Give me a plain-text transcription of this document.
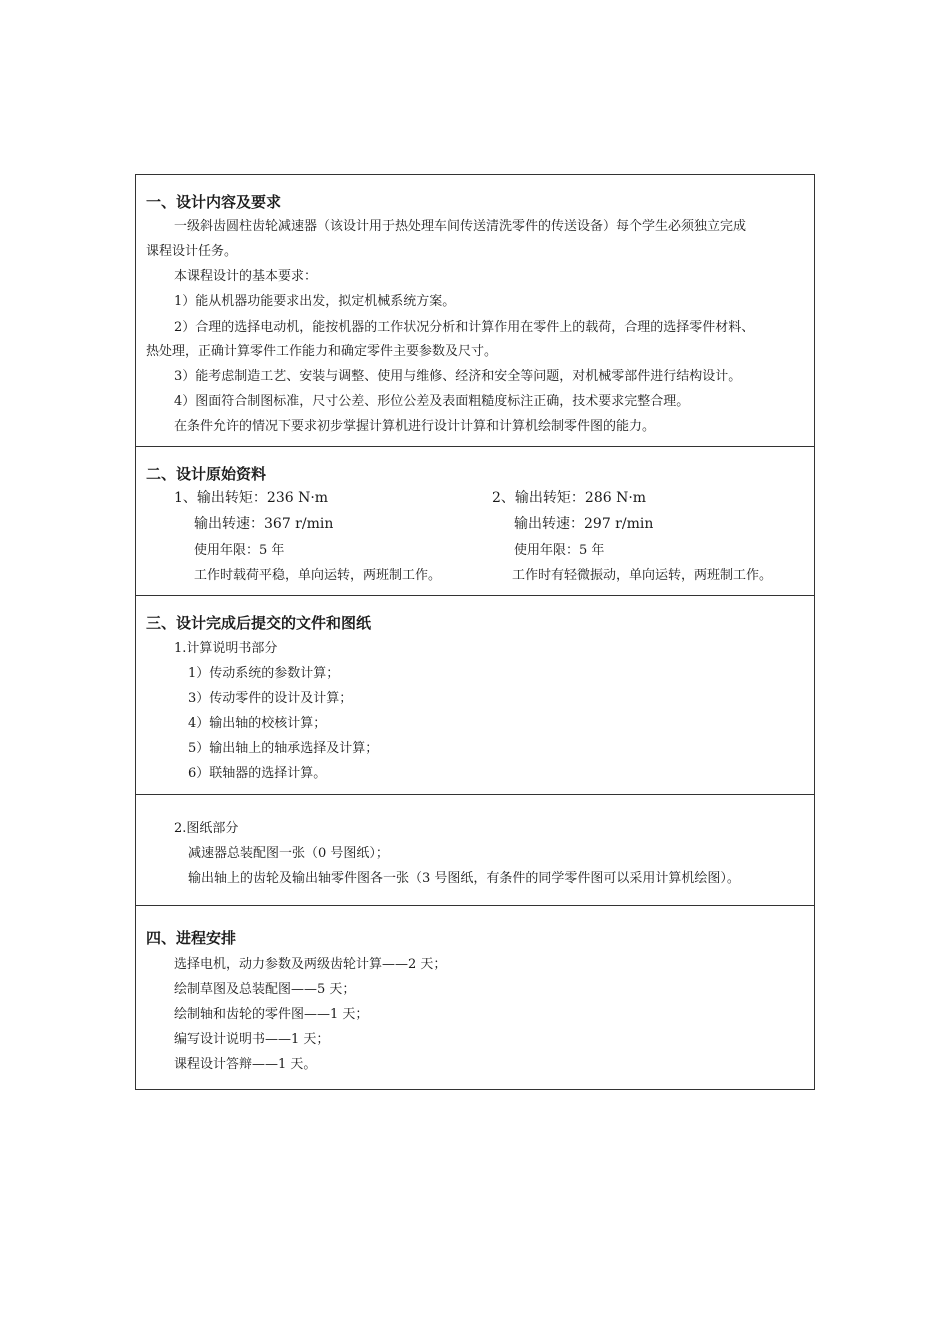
一、设计内容及要求
一级斜齿圆柱齿轮减速器（该设计用于热处理车间传送清洗零件的传送设备）每个学生必须独立完成
课程设计任务。
本课程设计的基本要求：
1）能从机器功能要求出发，拟定机械系统方案。
2）合理的选择电动机，能按机器的工作状况分析和计算作用在零件上的载荷，合理的选择零件材料、
热处理，正确计算零件工作能力和确定零件主要参数及尺寸。
3）能考虑制造工艺、安装与调整、使用与维修、经济和安全等问题，对机械零部件进行结构设计。
4）图面符合制图标准，尺寸公差、形位公差及表面粗糙度标注正确，技术要求完整合理。
在条件允许的情况下要求初步掌握计算机进行设计计算和计算机绘制零件图的能力。
二、设计原始资料
1、输出转矩：236 N·m
输出转速：367 r/min
使用年限：5 年
工作时载荷平稳，单向运转，两班制工作。
2、输出转矩：286 N·m
输出转速：297 r/min
使用年限：5 年
工作时有轻微振动，单向运转，两班制工作。
三、设计完成后提交的文件和图纸
1.计算说明书部分
1）传动系统的参数计算；
3）传动零件的设计及计算；
4）输出轴的校核计算；
5）输出轴上的轴承选择及计算；
6）联轴器的选择计算。
2.图纸部分
减速器总装配图一张（0 号图纸）；
输出轴上的齿轮及输出轴零件图各一张（3 号图纸，有条件的同学零件图可以采用计算机绘图）。
四、进程安排
选择电机，动力参数及两级齿轮计算——2 天；
绘制草图及总装配图——5 天；
绘制轴和齿轮的零件图——1 天；
编写设计说明书——1 天；
课程设计答辩——1 天。
